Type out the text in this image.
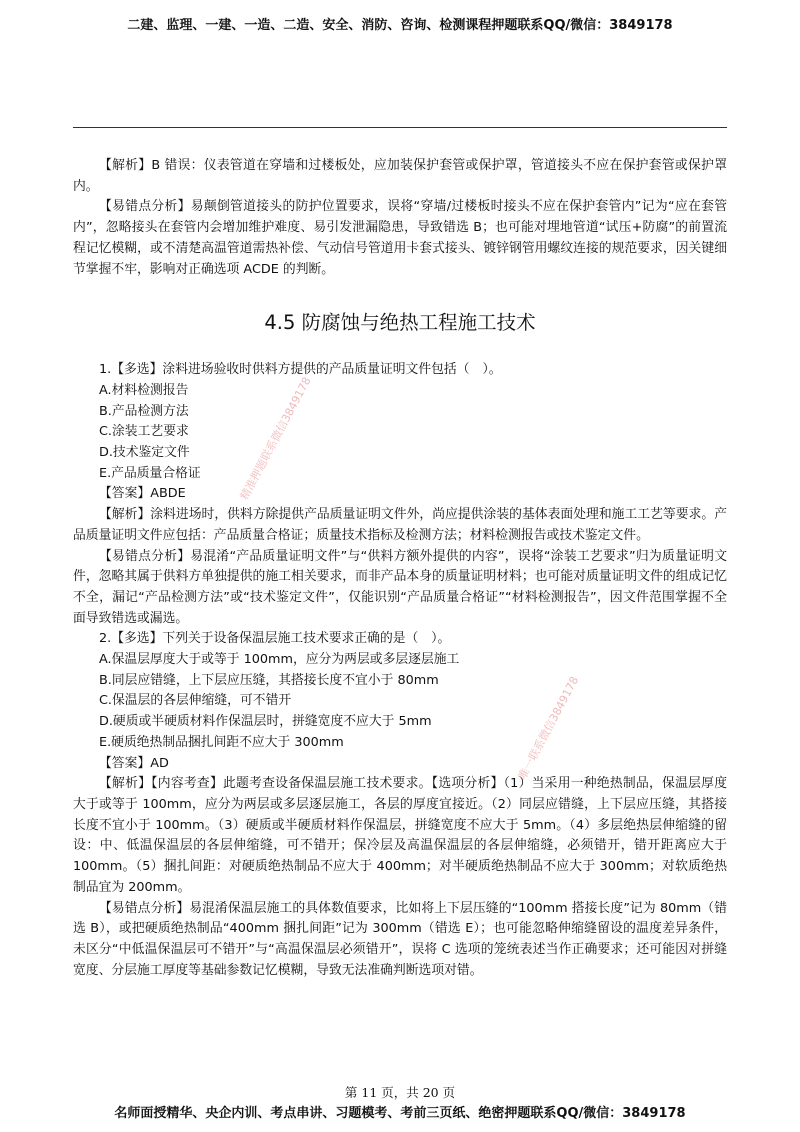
二建、监理、一建、一造、二造、安全、消防、咨询、检测课程押题联系QQ/微信：3849178

【解析】B 错误：仪表管道在穿墙和过楼板处，应加装保护套管或保护罩，管道接头不应在保护套管或保护罩内。

【易错点分析】易颠倒管道接头的防护位置要求，误将“穿墙/过楼板时接头不应在保护套管内”记为“应在套管内”，忽略接头在套管内会增加维护难度、易引发泄漏隐患，导致错选 B；也可能对埋地管道“试压+防腐”的前置流程记忆模糊，或不清楚高温管道需热补偿、气动信号管道用卡套式接头、镀锌钢管用螺纹连接的规范要求，因关键细节掌握不牢，影响对正确选项 ACDE 的判断。

4.5 防腐蚀与绝热工程施工技术

1.【多选】涂料进场验收时供料方提供的产品质量证明文件包括（　）。

A.材料检测报告

B.产品检测方法

C.涂装工艺要求

D.技术鉴定文件

E.产品质量合格证

【答案】ABDE

【解析】涂料进场时，供料方除提供产品质量证明文件外，尚应提供涂装的基体表面处理和施工工艺等要求。产品质量证明文件应包括：产品质量合格证；质量技术指标及检测方法；材料检测报告或技术鉴定文件。

【易错点分析】易混淆“产品质量证明文件”与“供料方额外提供的内容”，误将“涂装工艺要求”归为质量证明文件，忽略其属于供料方单独提供的施工相关要求，而非产品本身的质量证明材料；也可能对质量证明文件的组成记忆不全，漏记“产品检测方法”或“技术鉴定文件”，仅能识别“产品质量合格证”“材料检测报告”，因文件范围掌握不全面导致错选或漏选。

2.【多选】下列关于设备保温层施工技术要求正确的是（　）。

A.保温层厚度大于或等于 100mm，应分为两层或多层逐层施工

B.同层应错缝，上下层应压缝，其搭接长度不宜小于 80mm

C.保温层的各层伸缩缝，可不错开

D.硬质或半硬质材料作保温层时，拼缝宽度不应大于 5mm

E.硬质绝热制品捆扎间距不应大于 300mm

【答案】AD

【解析】【内容考查】此题考查设备保温层施工技术要求。【选项分析】（1）当采用一种绝热制品，保温层厚度大于或等于 100mm，应分为两层或多层逐层施工，各层的厚度宜接近。（2）同层应错缝，上下层应压缝，其搭接长度不宜小于 100mm。（3）硬质或半硬质材料作保温层，拼缝宽度不应大于 5mm。（4）多层绝热层伸缩缝的留设：中、低温保温层的各层伸缩缝，可不错开；保冷层及高温保温层的各层伸缩缝，必须错开，错开距离应大于 100mm。（5）捆扎间距：对硬质绝热制品不应大于 400mm；对半硬质绝热制品不应大于 300mm；对软质绝热制品宜为 200mm。

【易错点分析】易混淆保温层施工的具体数值要求，比如将上下层压缝的“100mm 搭接长度”记为 80mm（错选 B），或把硬质绝热制品“400mm 捆扎间距”记为 300mm（错选 E）；也可能忽略伸缩缝留设的温度差异条件，未区分“中低温保温层可不错开”与“高温保温层必须错开”，误将 C 选项的笼统表述当作正确要求；还可能因对拼缝宽度、分层施工厚度等基础参数记忆模糊，导致无法准确判断选项对错。

精准押题联系微信3849178
唯一联系微信3849178
第 11 页，共 20 页
名师面授精华、央企内训、考点串讲、习题模考、考前三页纸、绝密押题联系QQ/微信：3849178
